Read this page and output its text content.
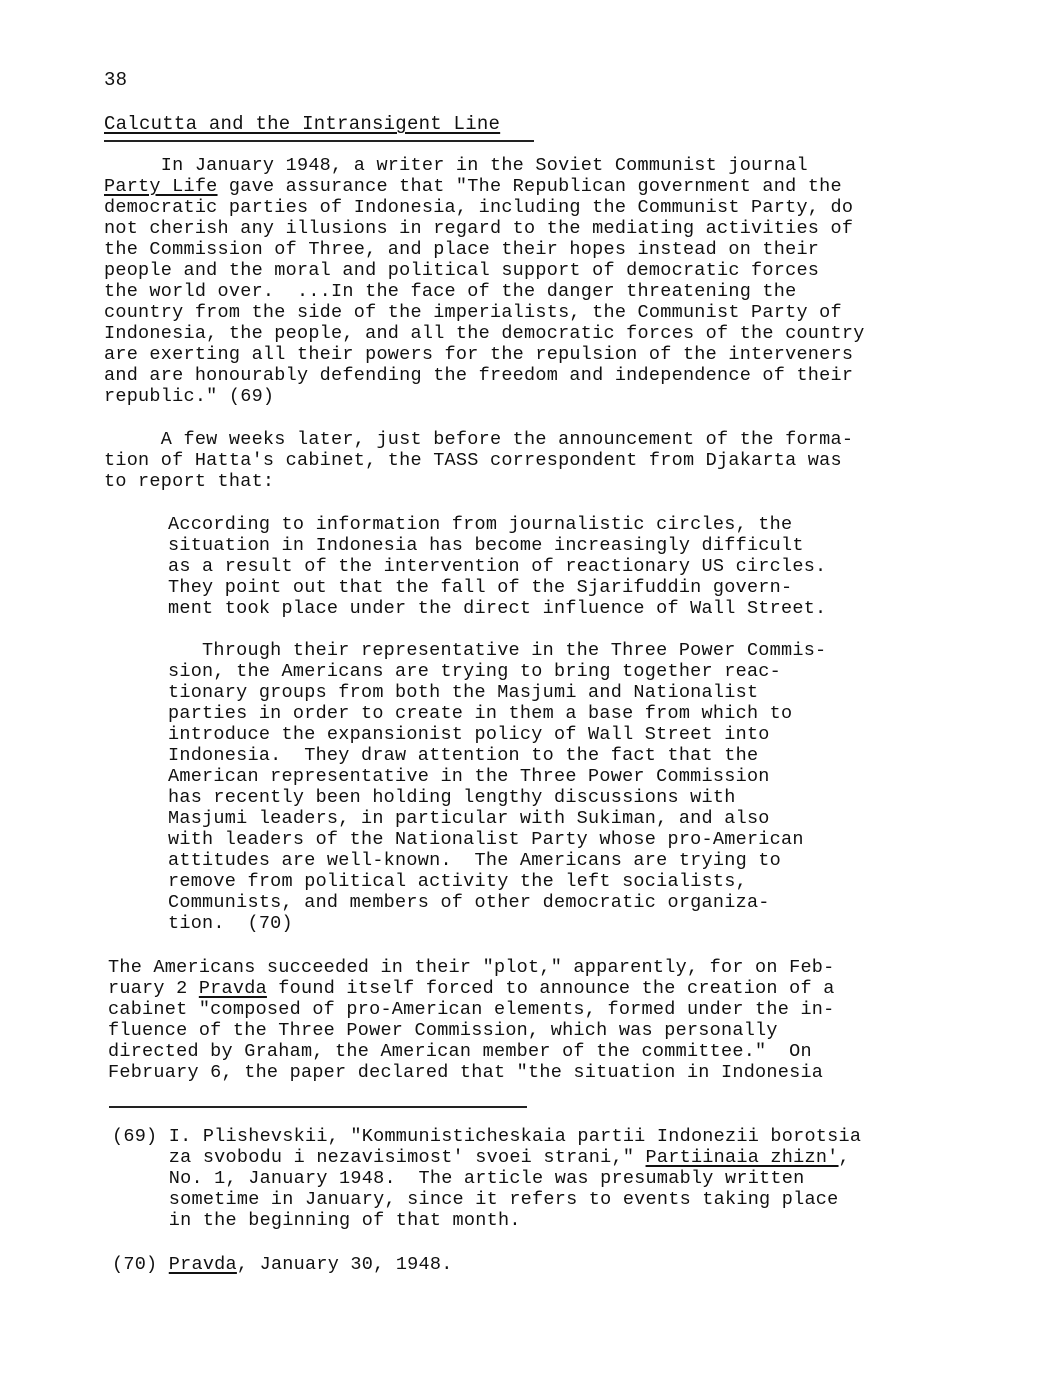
38
Calcutta and the Intransigent Line
In January 1948, a writer in the Soviet Communist journal
Party Life gave assurance that "The Republican government and the
democratic parties of Indonesia, including the Communist Party, do
not cherish any illusions in regard to the mediating activities of
the Commission of Three, and place their hopes instead on their
people and the moral and political support of democratic forces
the world over.  ...In the face of the danger threatening the
country from the side of the imperialists, the Communist Party of
Indonesia, the people, and all the democratic forces of the country
are exerting all their powers for the repulsion of the interveners
and are honourably defending the freedom and independence of their
republic." (69)
A few weeks later, just before the announcement of the forma-
tion of Hatta's cabinet, the TASS correspondent from Djakarta was
to report that:
According to information from journalistic circles, the
situation in Indonesia has become increasingly difficult
as a result of the intervention of reactionary US circles.
They point out that the fall of the Sjarifuddin govern-
ment took place under the direct influence of Wall Street.
Through their representative in the Three Power Commis-
sion, the Americans are trying to bring together reac-
tionary groups from both the Masjumi and Nationalist
parties in order to create in them a base from which to
introduce the expansionist policy of Wall Street into
Indonesia.  They draw attention to the fact that the
American representative in the Three Power Commission
has recently been holding lengthy discussions with
Masjumi leaders, in particular with Sukiman, and also
with leaders of the Nationalist Party whose pro-American
attitudes are well-known.  The Americans are trying to
remove from political activity the left socialists,
Communists, and members of other democratic organiza-
tion.  (70)
The Americans succeeded in their "plot," apparently, for on Feb-
ruary 2 Pravda found itself forced to announce the creation of a
cabinet "composed of pro-American elements, formed under the in-
fluence of the Three Power Commission, which was personally
directed by Graham, the American member of the committee."  On
February 6, the paper declared that "the situation in Indonesia
(69) I. Plishevskii, "Kommunisticheskaia partii Indonezii borotsia
za svobodu i nezavisimost' svoei strani," Partiinaia zhizn',
No. 1, January 1948.  The article was presumably written
sometime in January, since it refers to events taking place
in the beginning of that month.
(70) Pravda, January 30, 1948.
